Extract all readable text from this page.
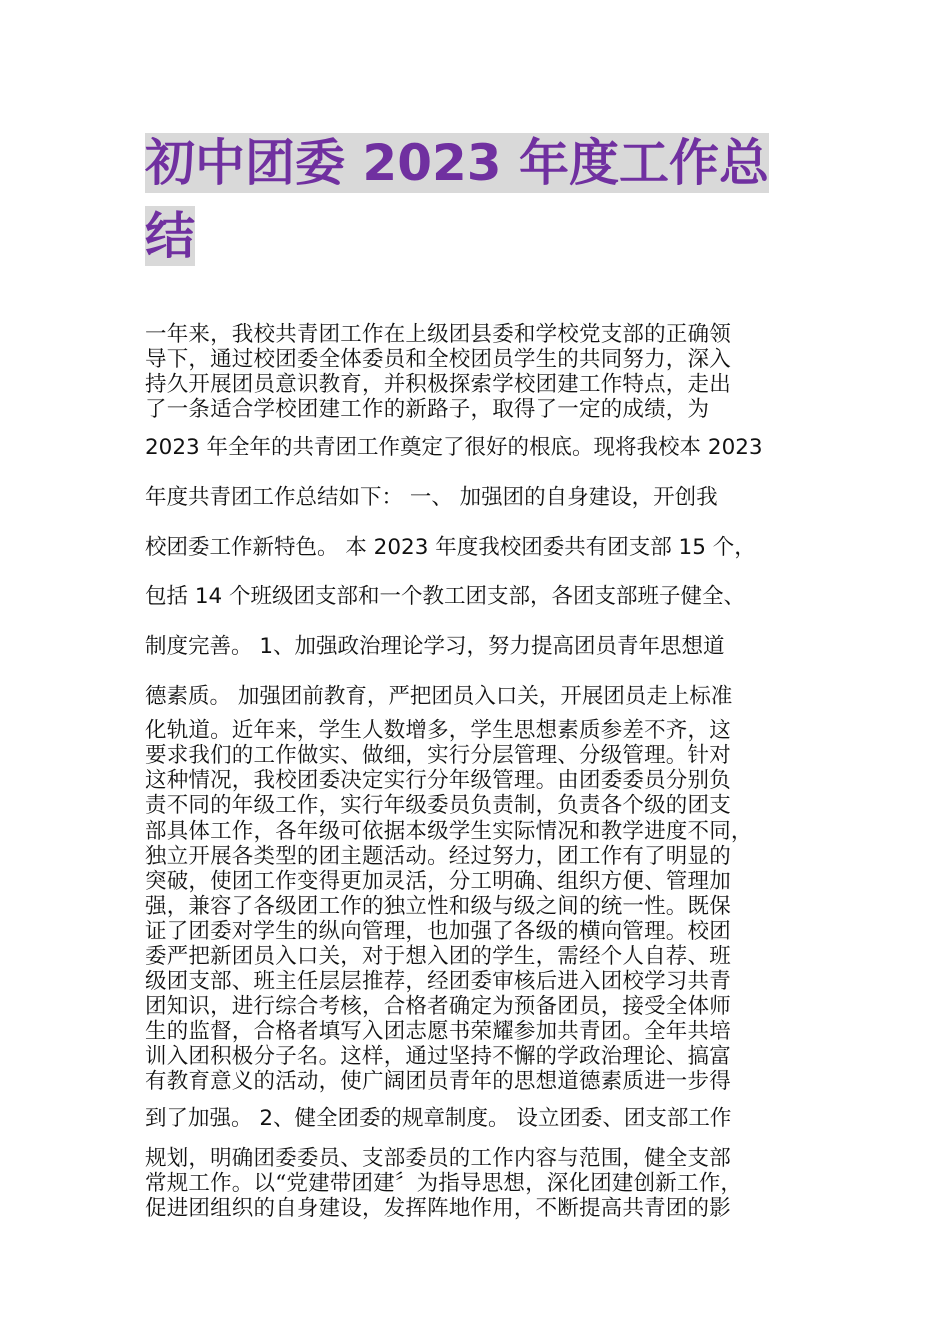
初中团委 2023 年度工作总
结
一年来，我校共青团工作在上级团县委和学校党支部的正确领
导下，通过校团委全体委员和全校团员学生的共同努力，深入
持久开展团员意识教育，并积极探索学校团建工作特点，走出
了一条适合学校团建工作的新路子，取得了一定的成绩，为
2023 年全年的共青团工作奠定了很好的根底。现将我校本 2023
年度共青团工作总结如下： 一、 加强团的自身建设，开创我
校团委工作新特色。 本 2023 年度我校团委共有团支部 15 个，
包括 14 个班级团支部和一个教工团支部，各团支部班子健全、
制度完善。 1、加强政治理论学习，努力提高团员青年思想道
德素质。 加强团前教育，严把团员入口关，开展团员走上标准
化轨道。近年来，学生人数增多，学生思想素质参差不齐，这
要求我们的工作做实、做细，实行分层管理、分级管理。针对
这种情况，我校团委决定实行分年级管理。由团委委员分别负
责不同的年级工作，实行年级委员负责制，负责各个级的团支
部具体工作，各年级可依据本级学生实际情况和教学进度不同，
独立开展各类型的团主题活动。经过努力，团工作有了明显的
突破，使团工作变得更加灵活，分工明确、组织方便、管理加
强，兼容了各级团工作的独立性和级与级之间的统一性。既保
证了团委对学生的纵向管理，也加强了各级的横向管理。校团
委严把新团员入口关，对于想入团的学生，需经个人自荐、班
级团支部、班主任层层推荐，经团委审核后进入团校学习共青
团知识，进行综合考核，合格者确定为预备团员，接受全体师
生的监督，合格者填写入团志愿书荣耀参加共青团。全年共培
训入团积极分子名。这样，通过坚持不懈的学政治理论、搞富
有教育意义的活动，使广阔团员青年的思想道德素质进一步得
到了加强。 2、健全团委的规章制度。 设立团委、团支部工作
规划，明确团委委员、支部委员的工作内容与范围，健全支部
常规工作。以“党建带团建〞为指导思想，深化团建创新工作，
促进团组织的自身建设，发挥阵地作用，不断提高共青团的影
